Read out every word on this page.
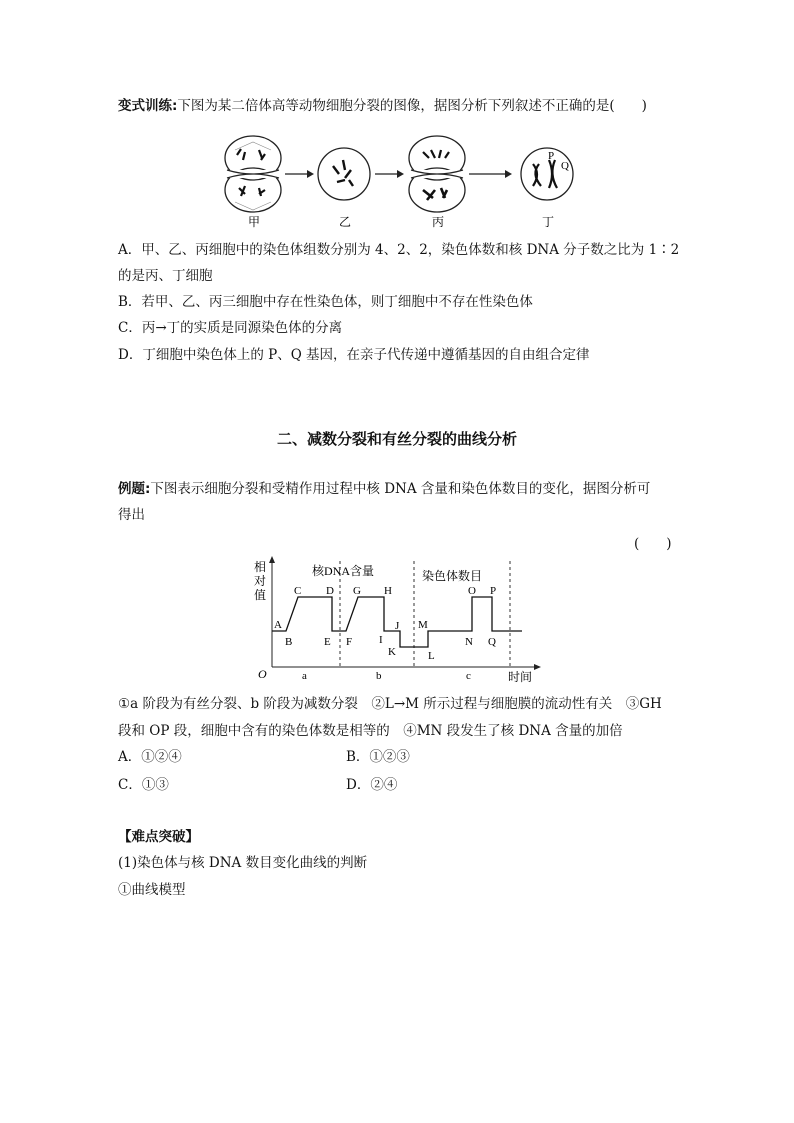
变式训练:下图为某二倍体高等动物细胞分裂的图像，据图分析下列叙述不正确的是(　　)
甲	乙	丙
P
Q
丁
A．甲、乙、丙细胞中的染色体组数分别为 4、2、2，染色体数和核 DNA 分子数之比为 1∶2
的是丙、丁细胞
B．若甲、乙、丙三细胞中存在性染色体，则丁细胞中不存在性染色体
C．丙→丁的实质是同源染色体的分离
D．丁细胞中染色体上的 P、Q 基因，在亲子代传递中遵循基因的自由组合定律
二、减数分裂和有丝分裂的曲线分析
例题:下图表示细胞分裂和受精作用过程中核 DNA 含量和染色体数目的变化，据图分析可
得出
(　　)
相
对
值
O	时间
核DNA含量	染色体数目
A
B
C D
E F
G H
I
J
K	L
M
N
O P
Q
a	b	c
①a 阶段为有丝分裂、b 阶段为减数分裂　②L→M 所示过程与细胞膜的流动性有关　③GH
段和 OP 段，细胞中含有的染色体数是相等的　④MN 段发生了核 DNA 含量的加倍
A．①②④	B．①②③
C．①③	D．②④
【难点突破】
(1)染色体与核 DNA 数目变化曲线的判断
①曲线模型
